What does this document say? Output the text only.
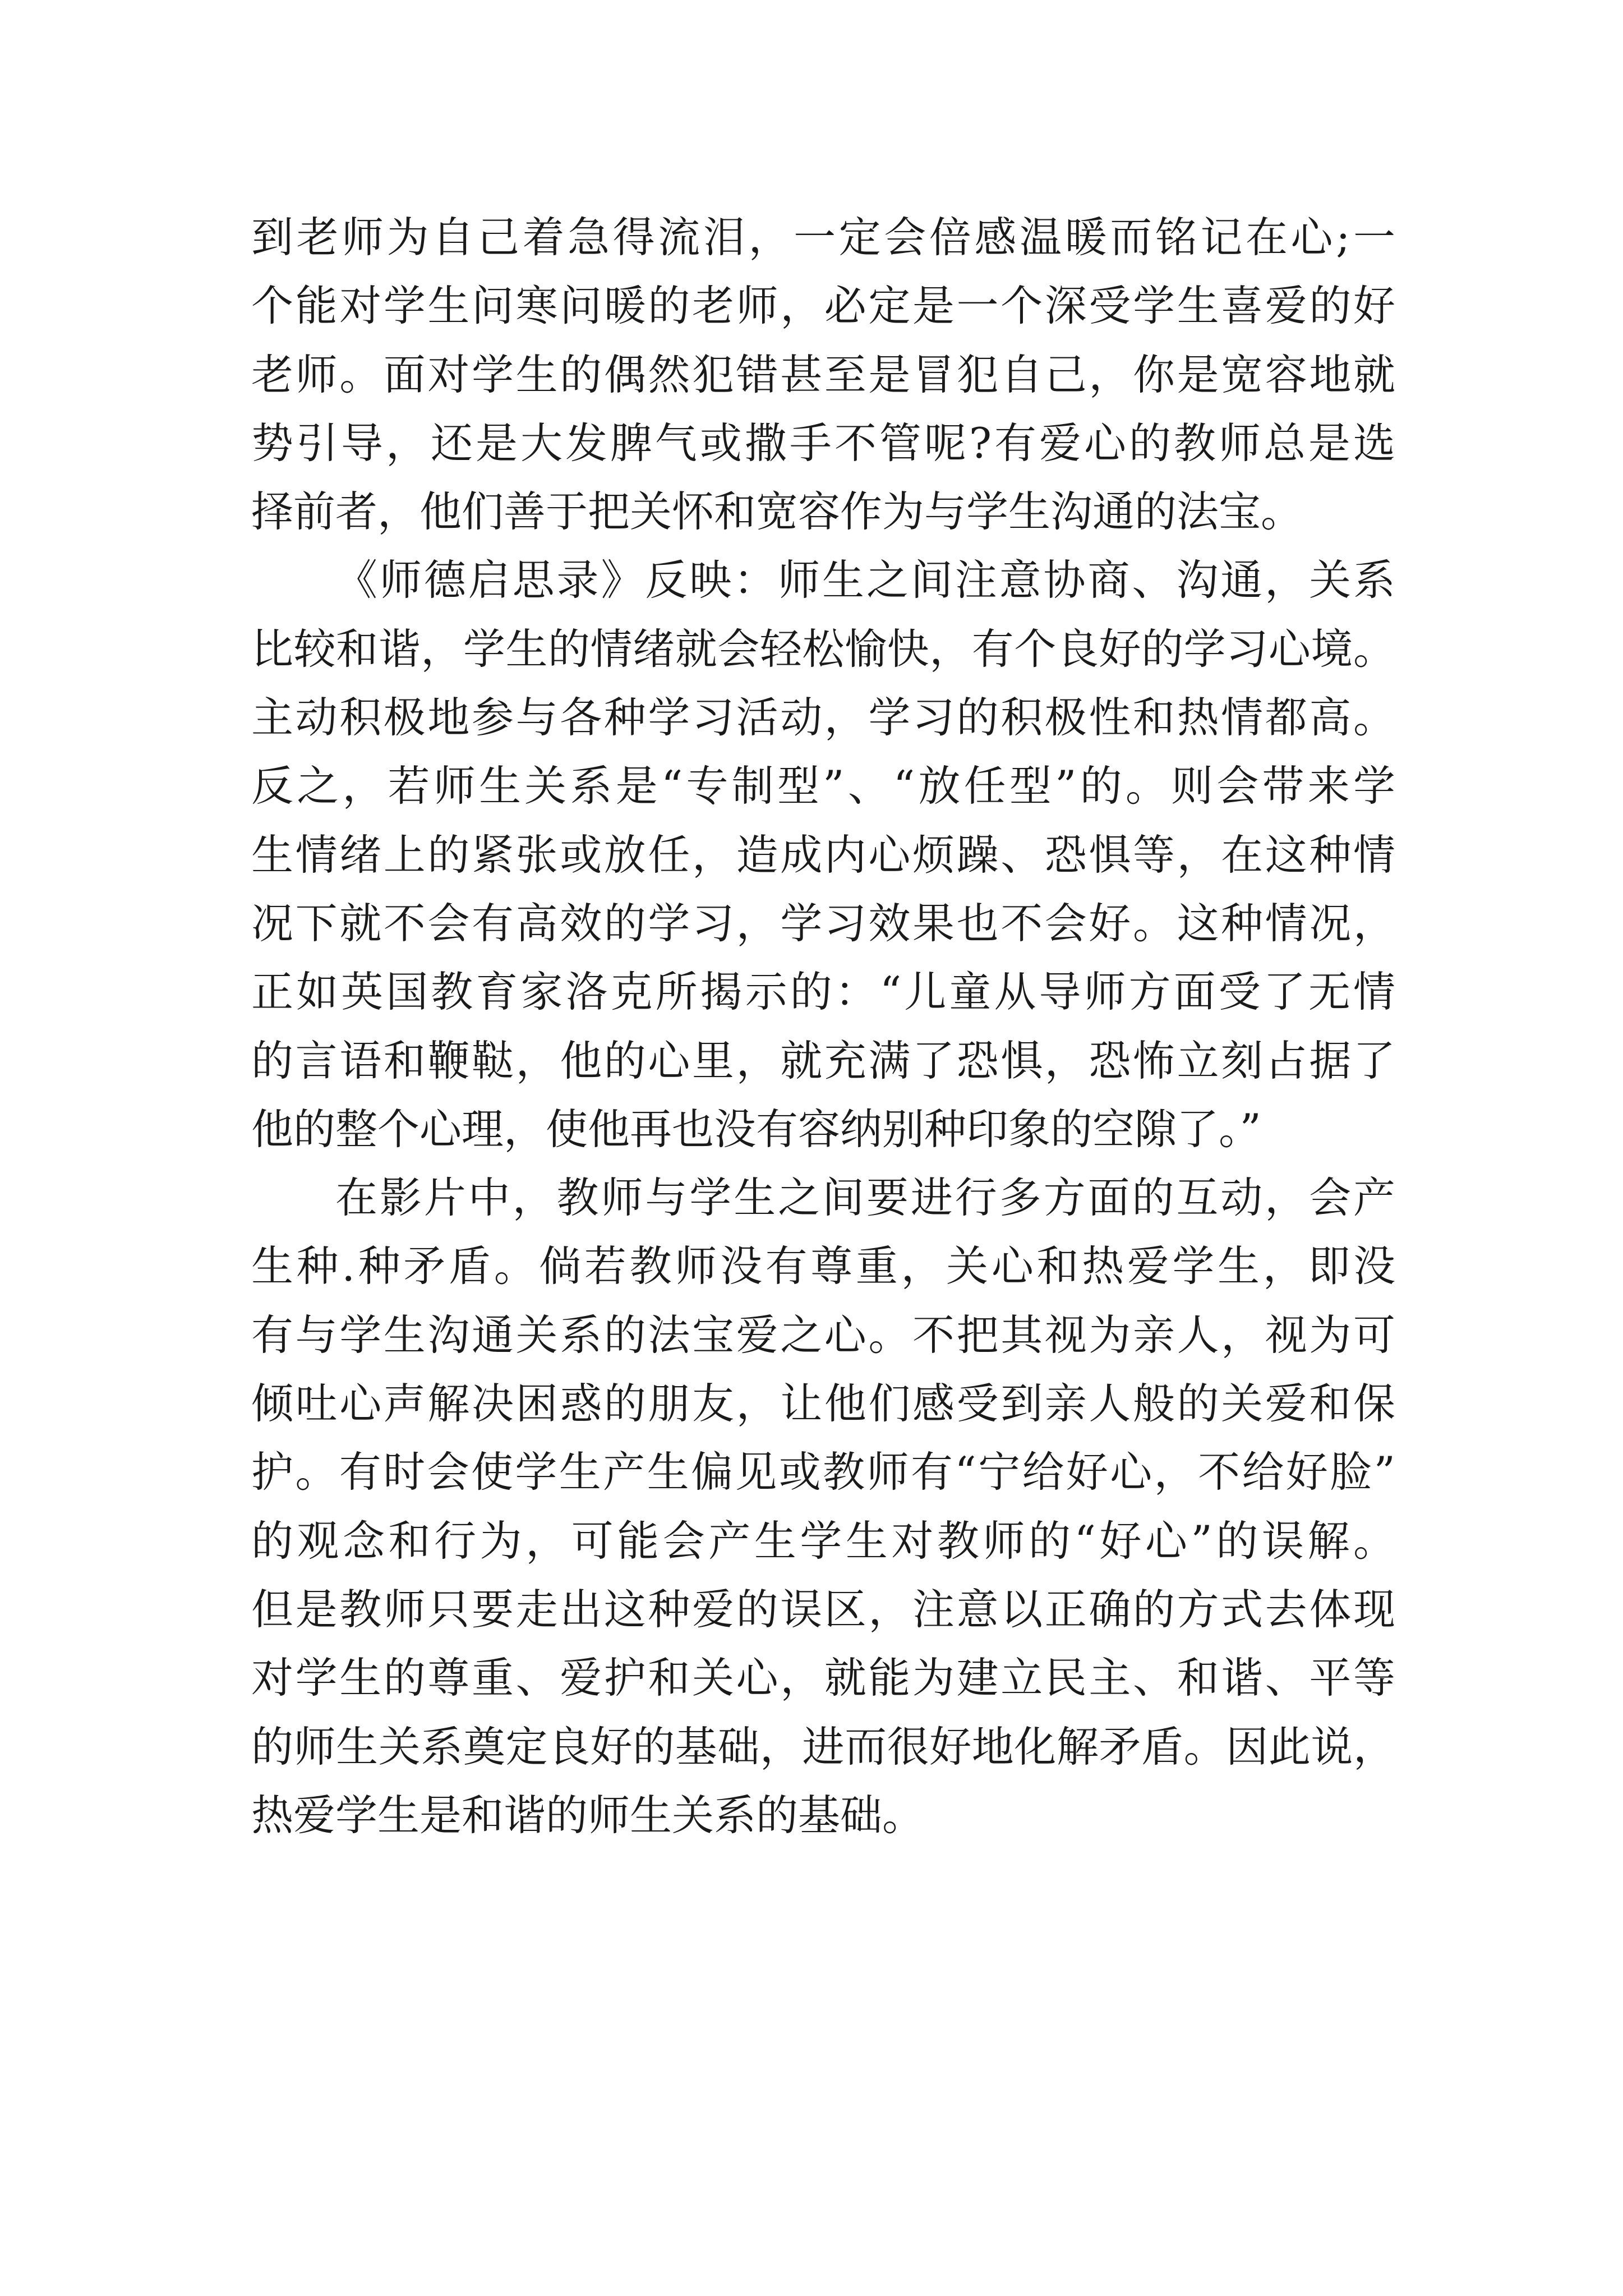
到老师为自己着急得流泪，一定会倍感温暖而铭记在心;一
个能对学生问寒问暖的老师，必定是一个深受学生喜爱的好
老师。面对学生的偶然犯错甚至是冒犯自己，你是宽容地就
势引导，还是大发脾气或撒手不管呢?有爱心的教师总是选
择前者，他们善于把关怀和宽容作为与学生沟通的法宝。
《师德启思录》反映：师生之间注意协商、沟通，关系
比较和谐，学生的情绪就会轻松愉快，有个良好的学习心境。
主动积极地参与各种学习活动，学习的积极性和热情都高。
反之，若师生关系是“专制型”、“放任型”的。则会带来学
生情绪上的紧张或放任，造成内心烦躁、恐惧等，在这种情
况下就不会有高效的学习，学习效果也不会好。这种情况，
正如英国教育家洛克所揭示的：“儿童从导师方面受了无情
的言语和鞭鞑，他的心里，就充满了恐惧，恐怖立刻占据了
他的整个心理，使他再也没有容纳别种印象的空隙了。”
在影片中，教师与学生之间要进行多方面的互动，会产
生种.种矛盾。倘若教师没有尊重，关心和热爱学生，即没
有与学生沟通关系的法宝爱之心。不把其视为亲人，视为可
倾吐心声解决困惑的朋友，让他们感受到亲人般的关爱和保
护。有时会使学生产生偏见或教师有“宁给好心，不给好脸”
的观念和行为，可能会产生学生对教师的“好心”的误解。
但是教师只要走出这种爱的误区，注意以正确的方式去体现
对学生的尊重、爱护和关心，就能为建立民主、和谐、平等
的师生关系奠定良好的基础，进而很好地化解矛盾。因此说，
热爱学生是和谐的师生关系的基础。
